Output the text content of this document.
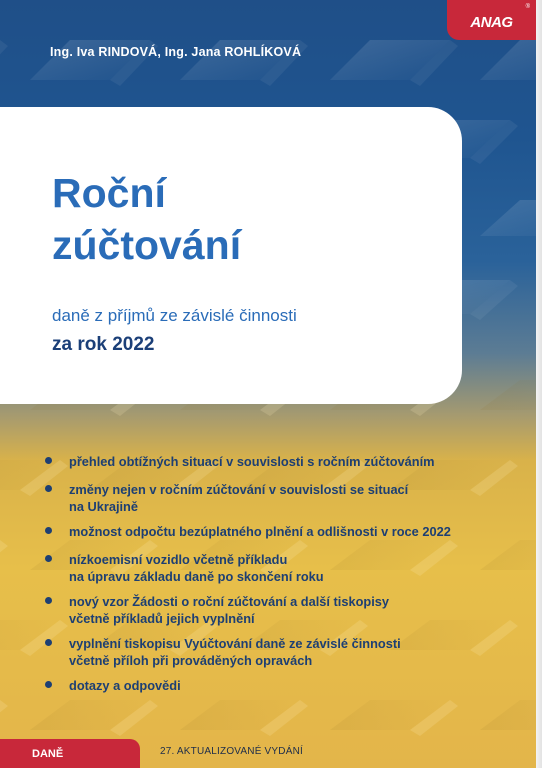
Ing. Iva RINDOVÁ, Ing. Jana ROHLÍKOVÁ
ANAG
®
Roční
zúčtování
daně z příjmů ze závislé činnosti
za rok 2022
přehled obtížných situací v souvislosti s ročním zúčtováním
změny nejen v ročním zúčtování v souvislosti se situací
na Ukrajině
možnost odpočtu bezúplatného plnění a odlišnosti v roce 2022
nízkoemisní vozidlo včetně příkladu
na úpravu základu daně po skončení roku
nový vzor Žádosti o roční zúčtování a další tiskopisy
včetně příkladů jejich vyplnění
vyplnění tiskopisu Vyúčtování daně ze závislé činnosti
včetně příloh při prováděných opravách
dotazy a odpovědi
DANĚ	27. AKTUALIZOVANÉ VYDÁNÍ
